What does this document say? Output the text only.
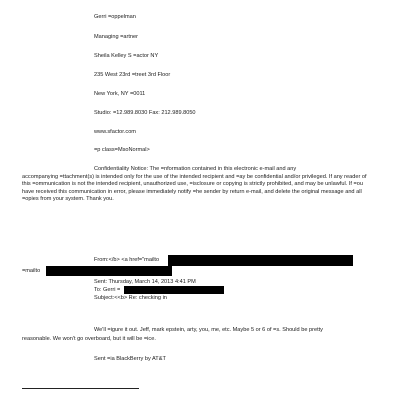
Gerri =oppelman
Managing =artner
Sheila Kelley S =actor NY
235 West 23rd =treet 3rd Floor
New York, NY =0011
Studio: =12.989.8030 Fax: 212.989.8050
www.sfactor.com
=p class=MsoNormal>
Confidentiality Notice: The =nformation contained in this electronic e-mail and any
accompanying =ttachment(s) is intended only for the use of the intended recipient and =ay be confidential and/or privileged. If any reader of this =ommunication is not the intended recipient, unauthorized use, =isclosure or copying is strictly prohibited, and may be unlawful. If =ou have received this communication in error, please immediately notify =he sender by return e-mail, and delete the original message and all =opies from your system. Thank you.
From:</b> <a href="mailto
=mailto
Sent: Thursday, March 14, 2013 4:41 PM
To: Gerri =
Subject:<<b> Re: checking in
We'll =igure it out. Jeff, mark epstein, arty, you, me, etc. Maybe 5 or 6 of =s. Should be pretty
reasonable. We won't go overboard, but it will be =ice.
Sent =ia BlackBerry by AT&T
